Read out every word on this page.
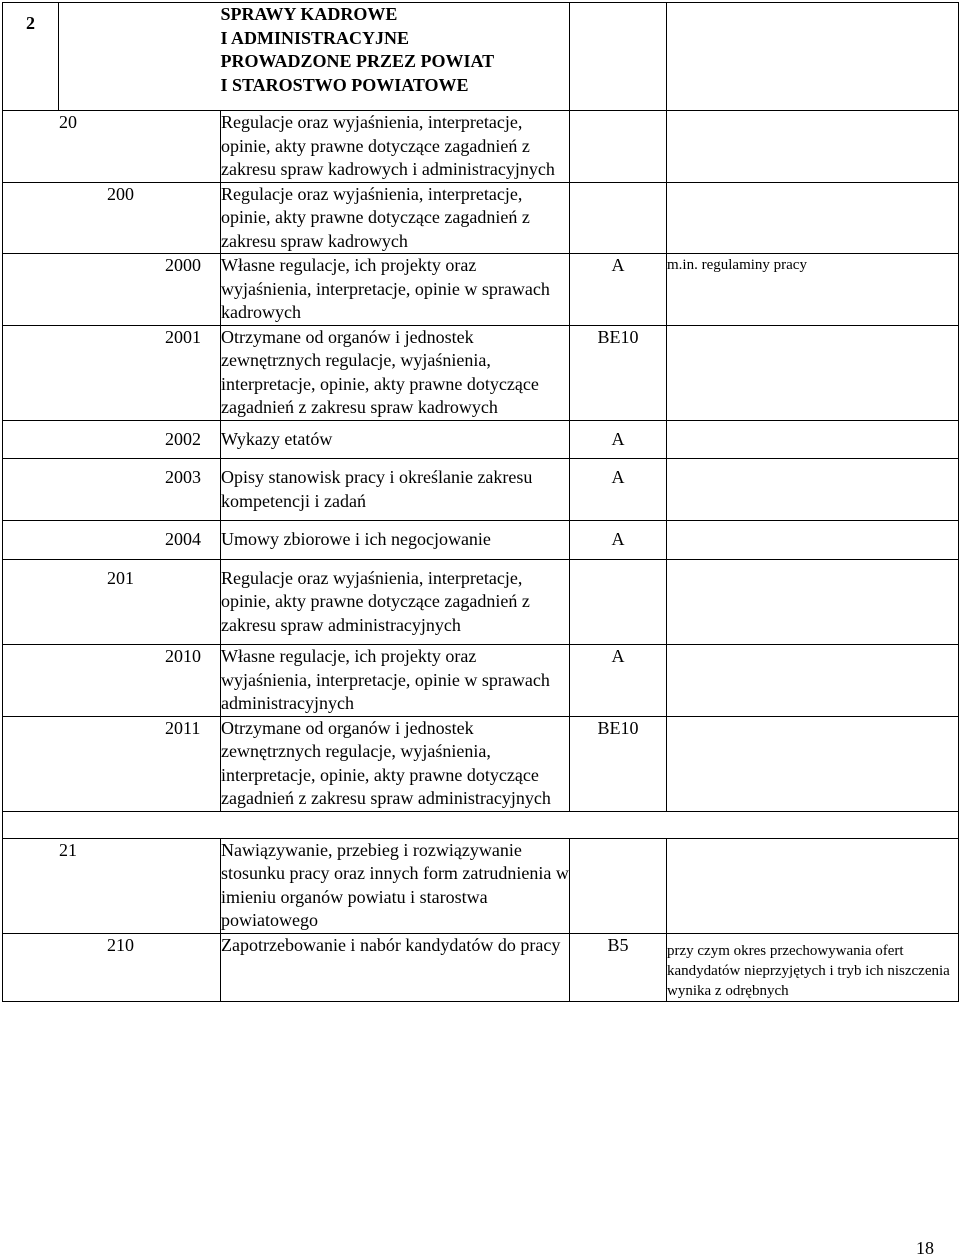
2		SPRAWY KADROWE
I ADMINISTRACYJNE
PROWADZONE PRZEZ POWIAT
I STAROSTWO POWIATOWE		

20		Regulacje oraz wyjaśnienia, interpretacje, opinie, akty prawne dotyczące zagadnień z zakresu spraw kadrowych i administracyjnych		
200		Regulacje oraz wyjaśnienia, interpretacje, opinie, akty prawne dotyczące zagadnień z zakresu spraw kadrowych		
2000		Własne regulacje, ich projekty oraz wyjaśnienia, interpretacje, opinie w sprawach kadrowych	A	m.in. regulaminy pracy
2001		Otrzymane od organów i jednostek zewnętrznych regulacje, wyjaśnienia, interpretacje, opinie, akty prawne dotyczące zagadnień z zakresu spraw kadrowych	BE10	
2002		Wykazy etatów	A	
2003		Opisy stanowisk pracy i określanie zakresu kompetencji i zadań	A	
2004		Umowy zbiorowe i ich negocjowanie	A	
201		Regulacje oraz wyjaśnienia, interpretacje, opinie, akty prawne dotyczące zagadnień z zakresu spraw administracyjnych		
2010		Własne regulacje, ich projekty oraz wyjaśnienia, interpretacje, opinie w sprawach administracyjnych	A	
2011		Otrzymane od organów i jednostek zewnętrznych regulacje, wyjaśnienia, interpretacje, opinie, akty prawne dotyczące zagadnień z zakresu spraw administracyjnych	BE10	

21		Nawiązywanie, przebieg i rozwiązywanie stosunku pracy oraz innych form zatrudnienia w imieniu organów powiatu i starostwa powiatowego		
210		Zapotrzebowanie i nabór kandydatów do pracy	B5	przy czym okres przechowywania ofert kandydatów nieprzyjętych i tryb ich niszczenia wynika z odrębnych
18
